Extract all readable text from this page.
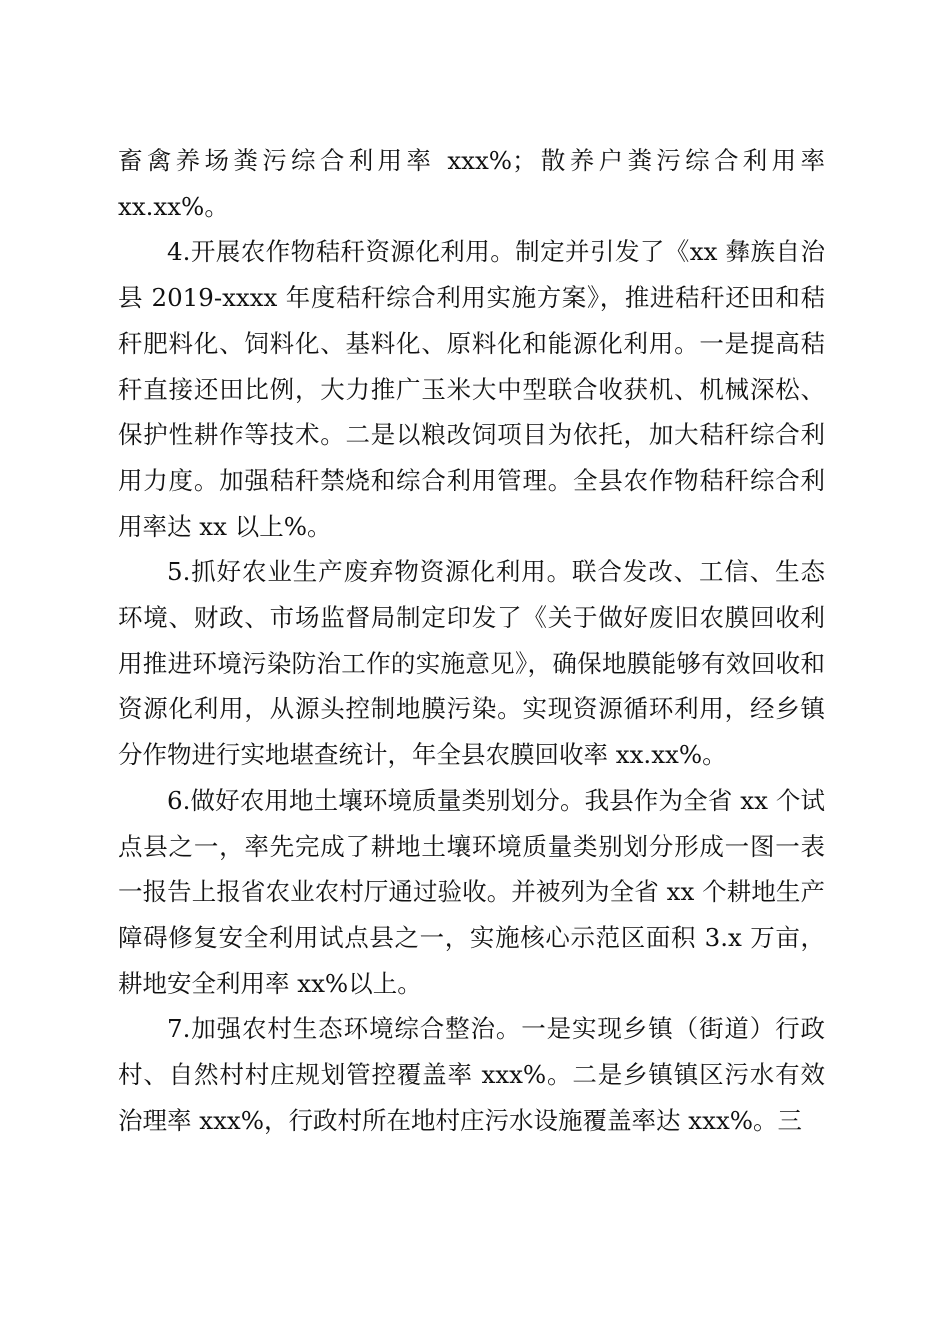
畜禽养场粪污综合利用率 xxx%；散养户粪污综合利用率 xx.xx%。

4.开展农作物秸秆资源化利用。制定并引发了《xx 彝族自治县 2019-xxxx 年度秸秆综合利用实施方案》，推进秸秆还田和秸秆肥料化、饲料化、基料化、原料化和能源化利用。一是提高秸秆直接还田比例，大力推广玉米大中型联合收获机、机械深松、保护性耕作等技术。二是以粮改饲项目为依托，加大秸秆综合利用力度。加强秸秆禁烧和综合利用管理。全县农作物秸秆综合利用率达 xx 以上%。

5.抓好农业生产废弃物资源化利用。联合发改、工信、生态环境、财政、市场监督局制定印发了《关于做好废旧农膜回收利用推进环境污染防治工作的实施意见》，确保地膜能够有效回收和资源化利用，从源头控制地膜污染。实现资源循环利用，经乡镇分作物进行实地堪查统计，年全县农膜回收率 xx.xx%。

6.做好农用地土壤环境质量类别划分。我县作为全省 xx 个试点县之一，率先完成了耕地土壤环境质量类别划分形成一图一表一报告上报省农业农村厅通过验收。并被列为全省 xx 个耕地生产障碍修复安全利用试点县之一，实施核心示范区面积 3.x 万亩，耕地安全利用率 xx%以上。

7.加强农村生态环境综合整治。一是实现乡镇（街道）行政村、自然村村庄规划管控覆盖率 xxx%。二是乡镇镇区污水有效治理率 xxx%，行政村所在地村庄污水设施覆盖率达 xxx%。三
